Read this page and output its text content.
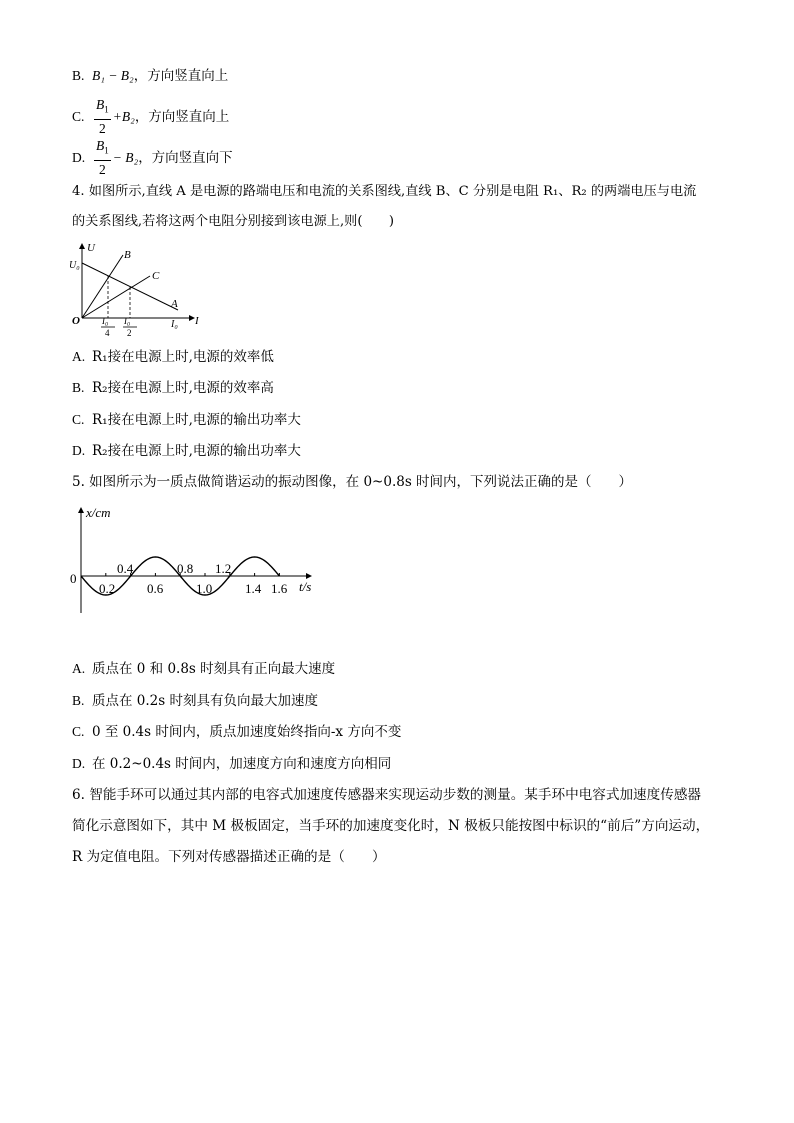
B. B₁ − B₂，方向竖直向上
C. $\frac{B_1}{2} +B_2$，方向竖直向上
D. $\frac{B_1}{2} - B_2$，方向竖直向下
4. 如图所示,直线 A 是电源的路端电压和电流的关系图线,直线 B、C 分别是电阻 R₁、R₂ 的两端电压与电流
的关系图线,若将这两个电阻分别接到该电源上,则(　　)
U
U₀
O	I
I₀
B
C
A
I₀
4
I₀
2
A. R₁接在电源上时,电源的效率低
B. R₂接在电源上时,电源的效率高
C. R₁接在电源上时,电源的输出功率大
D. R₂接在电源上时,电源的输出功率大
5. 如图所示为一质点做简谐运动的振动图像，在 0~0.8s 时间内，下列说法正确的是（　　）
x/cm
0
t/s
0.4	0.8 1.2
0.2 0.6	1.0	1.4 1.6
A. 质点在 0 和 0.8s 时刻具有正向最大速度
B. 质点在 0.2s 时刻具有负向最大加速度
C. 0 至 0.4s 时间内，质点加速度始终指向-x 方向不变
D. 在 0.2~0.4s 时间内，加速度方向和速度方向相同
6. 智能手环可以通过其内部的电容式加速度传感器来实现运动步数的测量。某手环中电容式加速度传感器
简化示意图如下，其中 M 极板固定，当手环的加速度变化时，N 极板只能按图中标识的“前后”方向运动，
R 为定值电阻。下列对传感器描述正确的是（　　）
